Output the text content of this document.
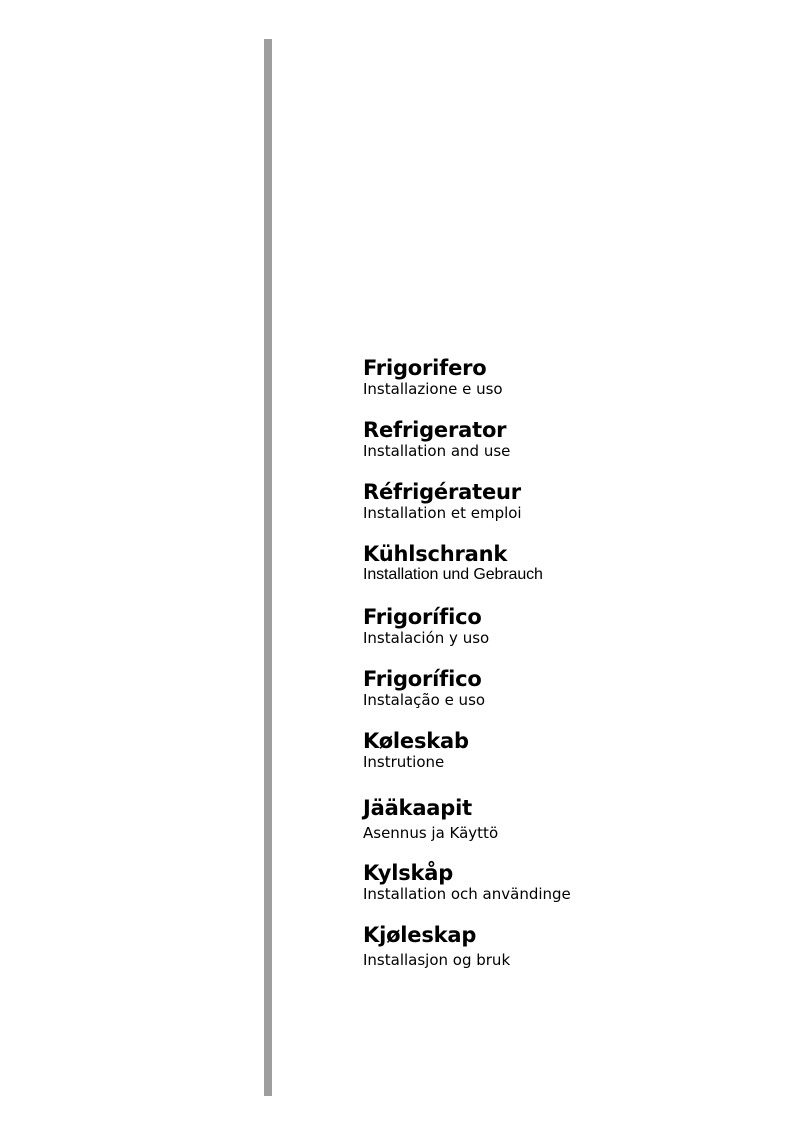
Frigorifero
Installazione e uso
Refrigerator
Installation and use
Réfrigérateur
Installation et emploi
Kühlschrank
Installation und Gebrauch
Frigorífico
Instalación y uso
Frigorífico
Instalação e uso
Køleskab
Instrutione
Jääkaapit
Asennus ja Käyttö
Kylskåp
Installation och användinge
Kjøleskap
Installasjon og bruk
